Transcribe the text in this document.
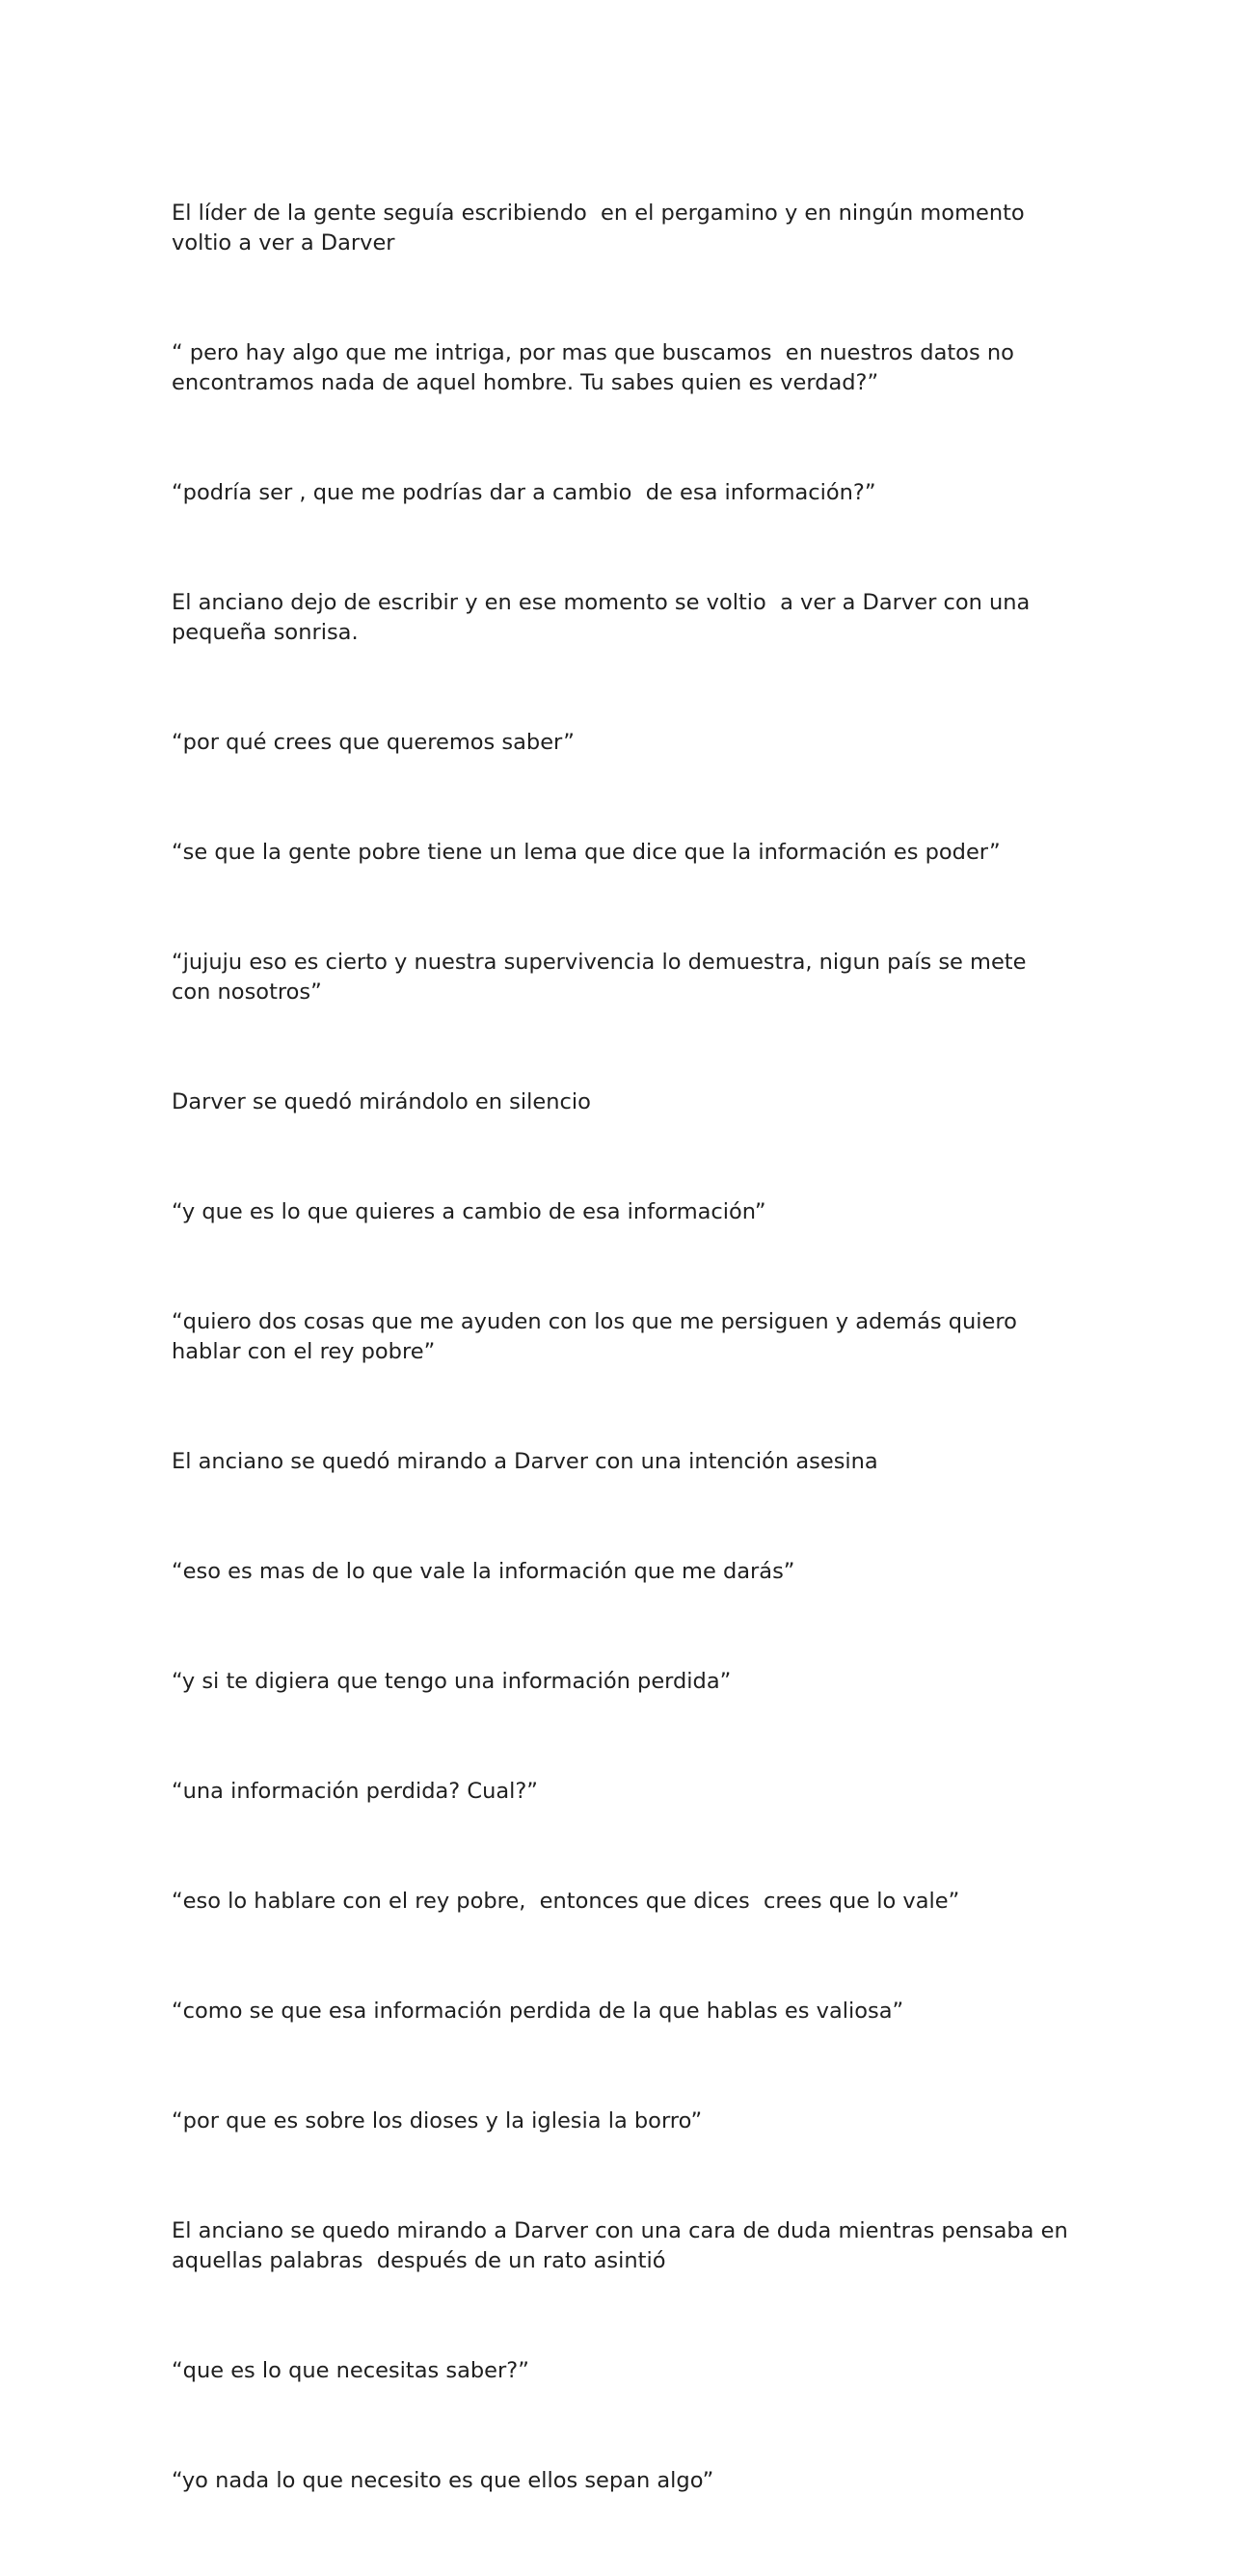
El líder de la gente seguía escribiendo  en el pergamino y en ningún momento voltio a ver a Darver

“ pero hay algo que me intriga, por mas que buscamos  en nuestros datos no encontramos nada de aquel hombre. Tu sabes quien es verdad?”

“podría ser , que me podrías dar a cambio  de esa información?”

El anciano dejo de escribir y en ese momento se voltio  a ver a Darver con una pequeña sonrisa.

“por qué crees que queremos saber”

“se que la gente pobre tiene un lema que dice que la información es poder”

“jujuju eso es cierto y nuestra supervivencia lo demuestra, nigun país se mete con nosotros”

Darver se quedó mirándolo en silencio

“y que es lo que quieres a cambio de esa información”

“quiero dos cosas que me ayuden con los que me persiguen y además quiero hablar con el rey pobre”

El anciano se quedó mirando a Darver con una intención asesina

“eso es mas de lo que vale la información que me darás”

“y si te digiera que tengo una información perdida”

“una información perdida? Cual?”

“eso lo hablare con el rey pobre,  entonces que dices  crees que lo vale”

“como se que esa información perdida de la que hablas es valiosa”

“por que es sobre los dioses y la iglesia la borro”

El anciano se quedo mirando a Darver con una cara de duda mientras pensaba en aquellas palabras  después de un rato asintió

“que es lo que necesitas saber?”

“yo nada lo que necesito es que ellos sepan algo”
